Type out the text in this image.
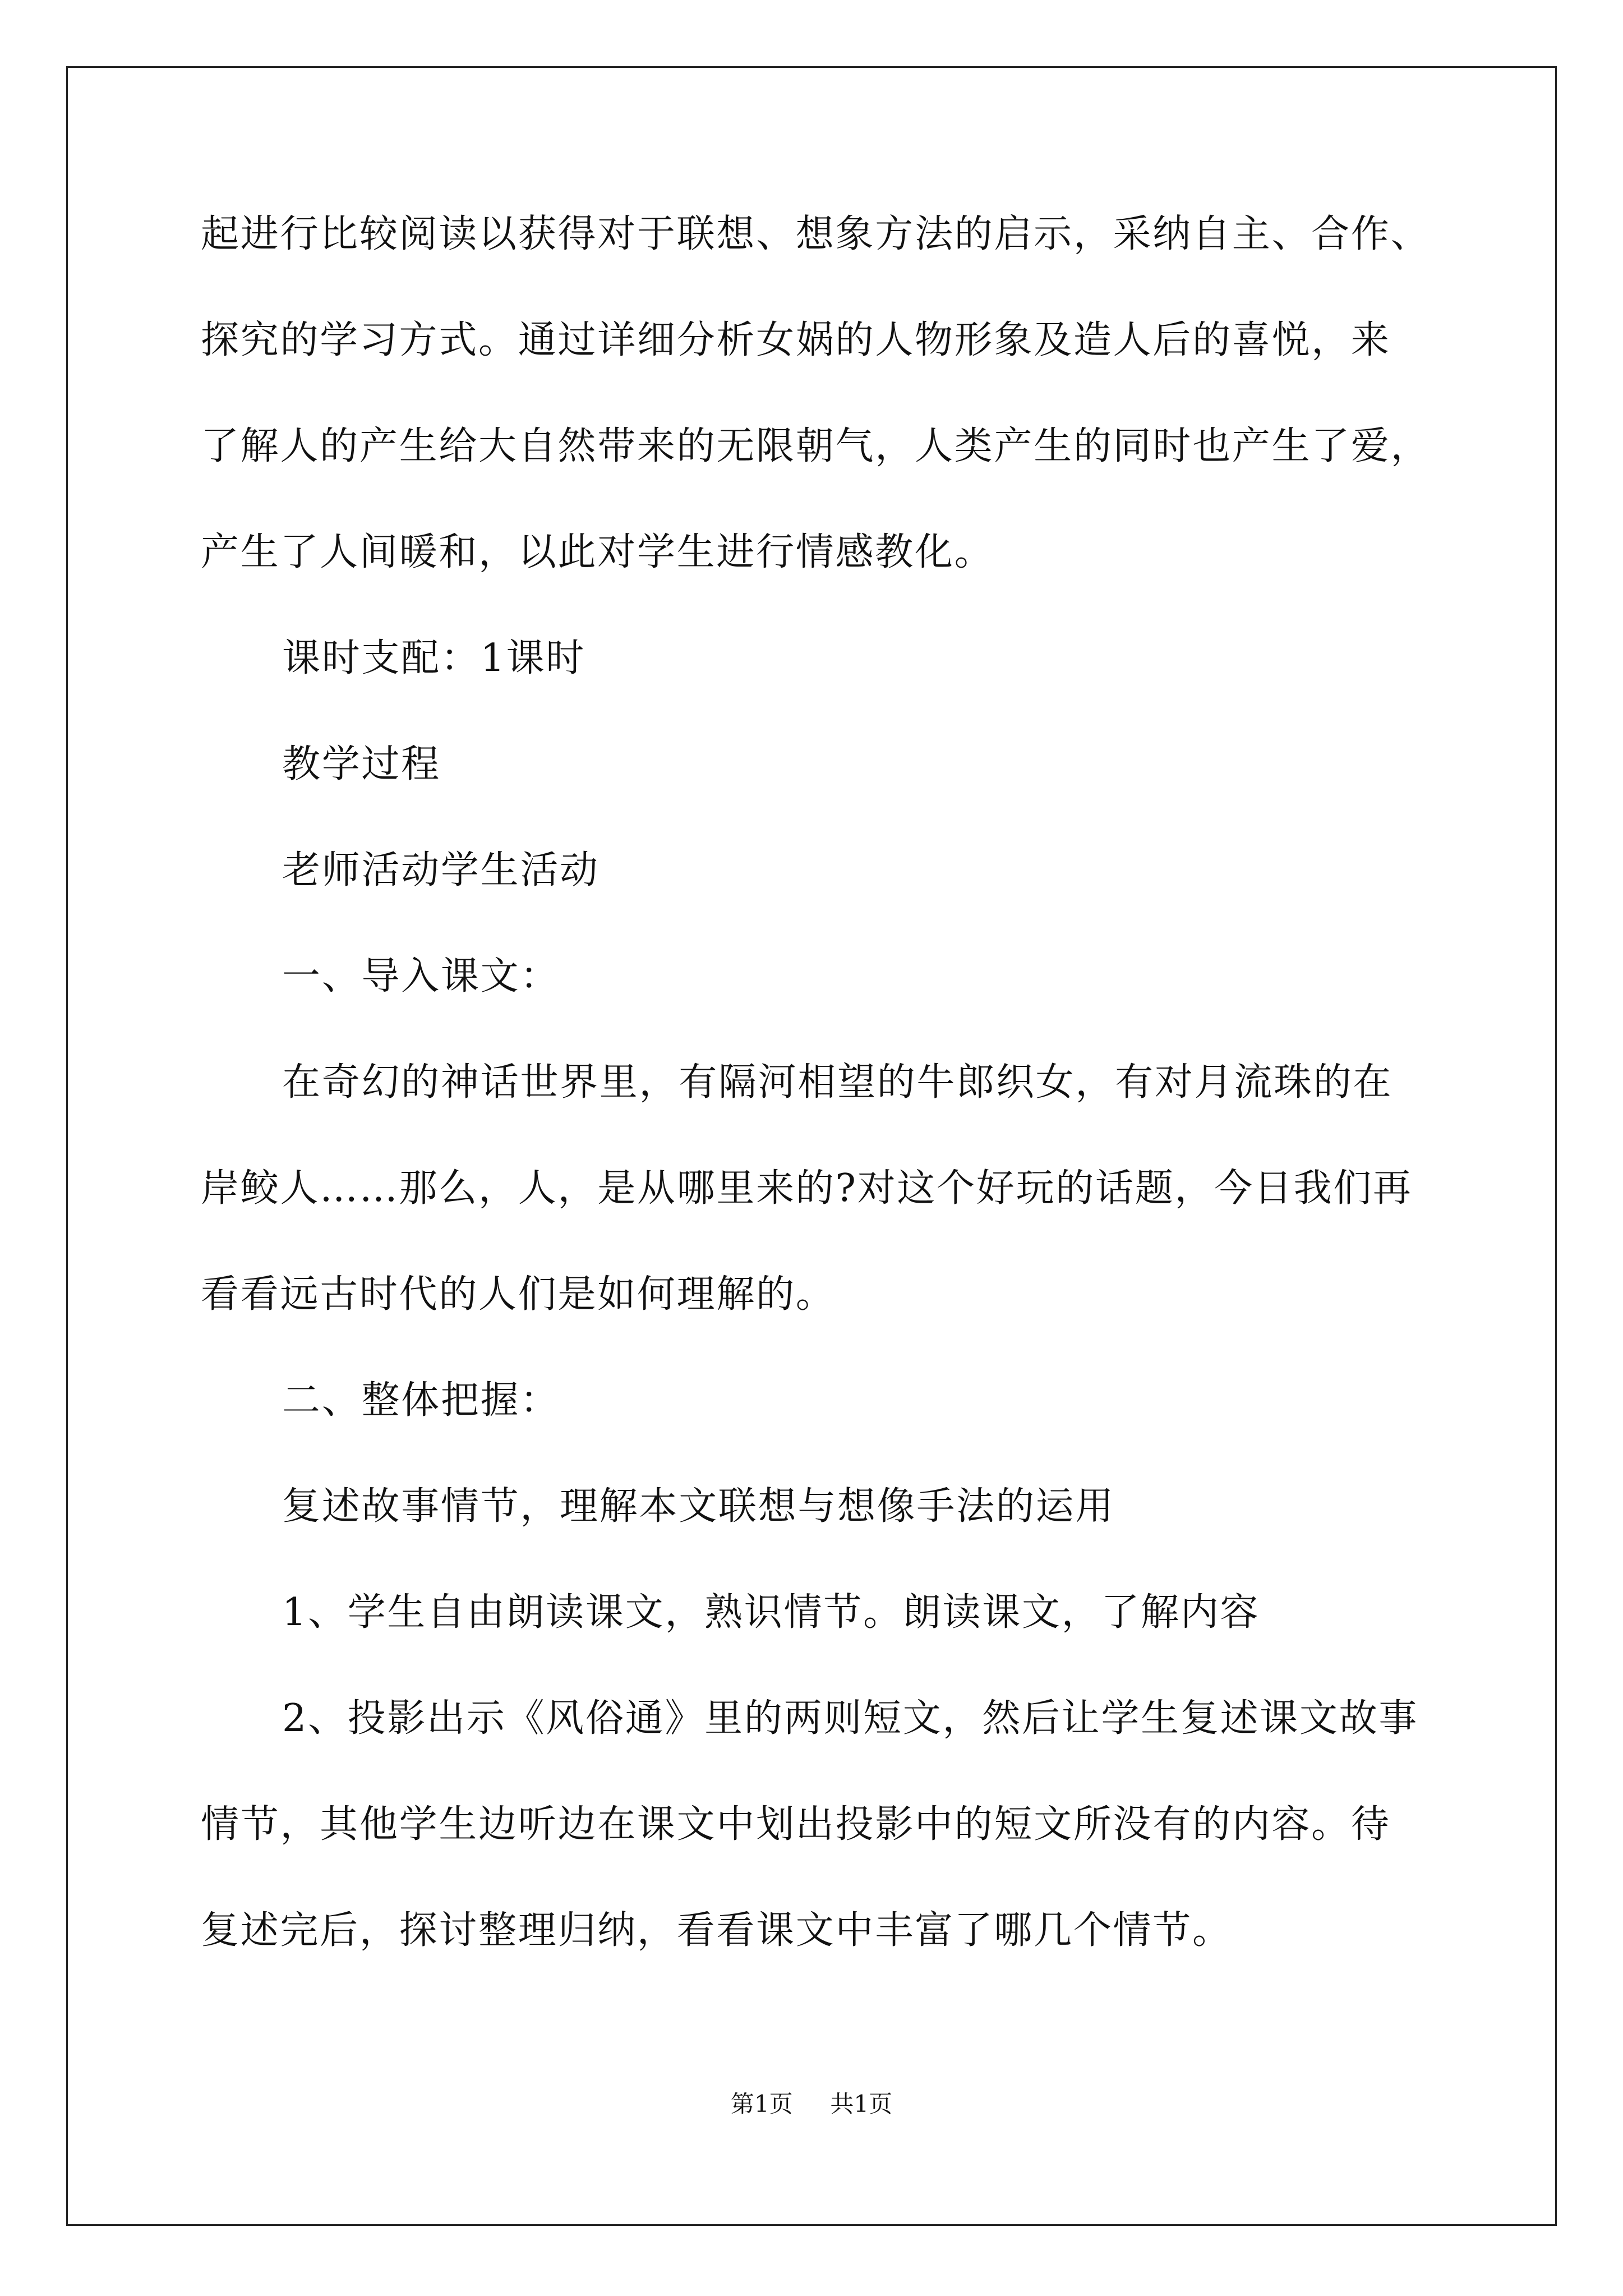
起进行比较阅读以获得对于联想、想象方法的启示，采纳自主、合作、
探究的学习方式。通过详细分析女娲的人物形象及造人后的喜悦，来
了解人的产生给大自然带来的无限朝气，人类产生的同时也产生了爱，
产生了人间暖和，以此对学生进行情感教化。
课时支配：1课时
教学过程
老师活动学生活动
一、导入课文：
在奇幻的神话世界里，有隔河相望的牛郎织女，有对月流珠的在
岸鲛人……那么，人，是从哪里来的?对这个好玩的话题，今日我们再
看看远古时代的人们是如何理解的。
二、整体把握：
复述故事情节，理解本文联想与想像手法的运用
1、学生自由朗读课文，熟识情节。朗读课文，了解内容
2、投影出示《风俗通》里的两则短文，然后让学生复述课文故事
情节，其他学生边听边在课文中划出投影中的短文所没有的内容。待
复述完后，探讨整理归纳，看看课文中丰富了哪几个情节。
第1页 共1页
